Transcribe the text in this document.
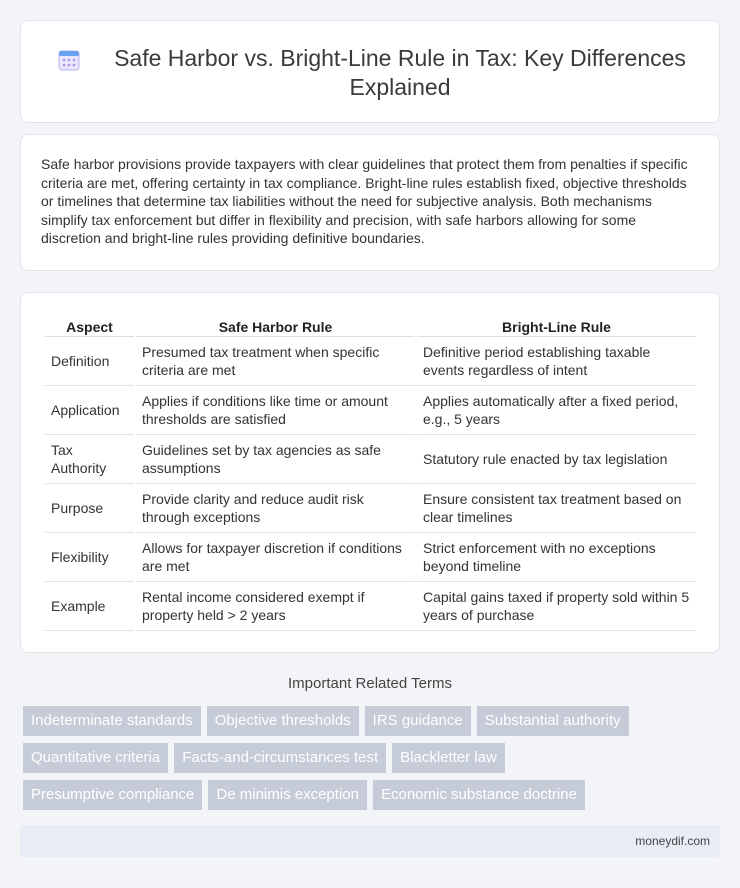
Safe Harbor vs. Bright-Line Rule in Tax: Key Differences Explained

Safe harbor provisions provide taxpayers with clear guidelines that protect them from penalties if specific criteria are met, offering certainty in tax compliance. Bright-line rules establish fixed, objective thresholds or timelines that determine tax liabilities without the need for subjective analysis. Both mechanisms simplify tax enforcement but differ in flexibility and precision, with safe harbors allowing for some discretion and bright-line rules providing definitive boundaries.

Aspect	Safe Harbor Rule	Bright-Line Rule
Definition	Presumed tax treatment when specific criteria are met	Definitive period establishing taxable events regardless of intent
Application	Applies if conditions like time or amount thresholds are satisfied	Applies automatically after a fixed period, e.g., 5 years
Tax Authority	Guidelines set by tax agencies as safe assumptions	Statutory rule enacted by tax legislation
Purpose	Provide clarity and reduce audit risk through exceptions	Ensure consistent tax treatment based on clear timelines
Flexibility	Allows for taxpayer discretion if conditions are met	Strict enforcement with no exceptions beyond timeline
Example	Rental income considered exempt if property held > 2 years	Capital gains taxed if property sold within 5 years of purchase
Important Related Terms
Indeterminate standards	Objective thresholds	IRS guidance	Substantial authority
Quantitative criteria	Facts-and-circumstances test	Blackletter law
Presumptive compliance	De minimis exception	Economic substance doctrine
moneydif.com
